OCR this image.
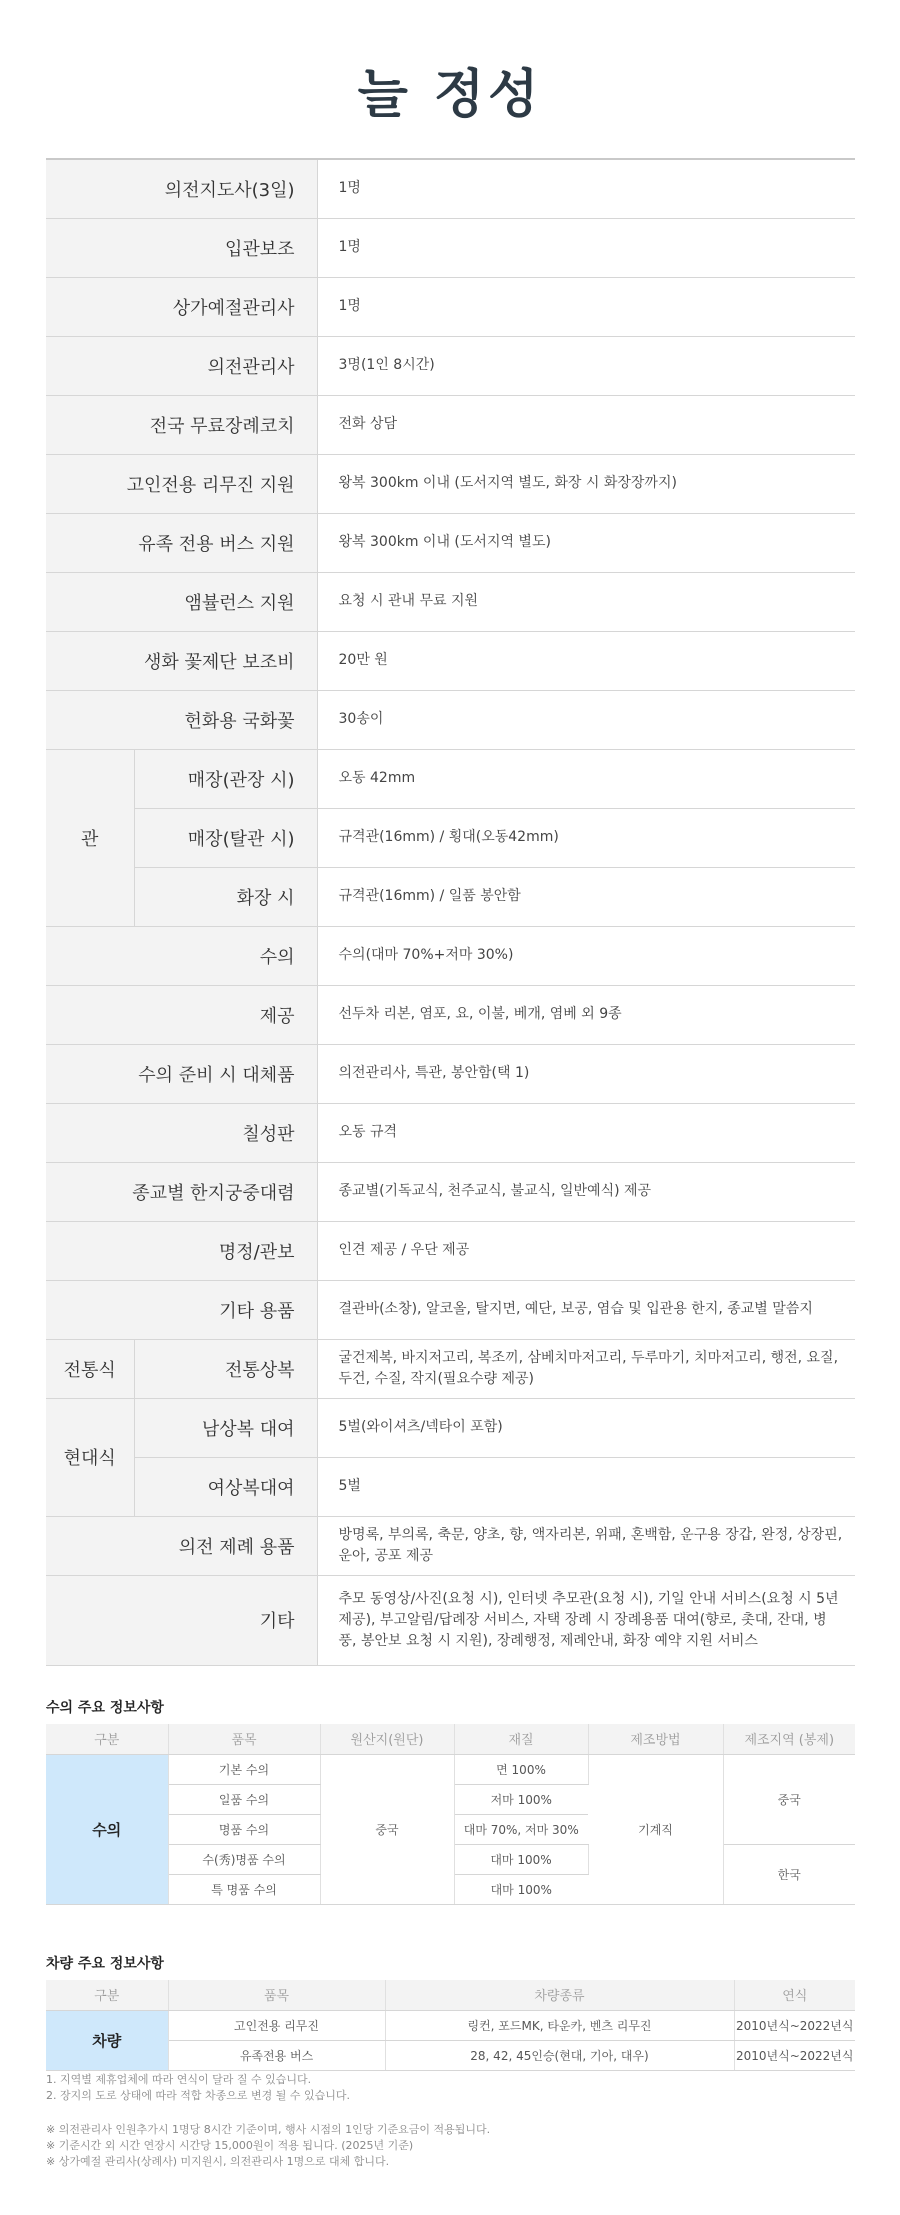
늘 정성
의전지도사(3일)		1명
입관보조		1명
상가예절관리사		1명
의전관리사		3명(1인 8시간)
전국 무료장례코치		전화 상담
고인전용 리무진 지원		왕복 300km 이내 (도서지역 별도, 화장 시 화장장까지)
유족 전용 버스 지원		왕복 300km 이내 (도서지역 별도)
앰뷸런스 지원		요청 시 관내 무료 지원
생화 꽃제단 보조비		20만 원
헌화용 국화꽃		30송이
관	매장(관장 시)	오동 42mm
	매장(탈관 시)	규격관(16mm) / 횡대(오동42mm)
	화장 시	규격관(16mm) / 일품 봉안함
수의		수의(대마 70%+저마 30%)
제공		선두차 리본, 염포, 요, 이불, 베개, 염베 외 9종
수의 준비 시 대체품		의전관리사, 특관, 봉안함(택 1)
칠성판		오동 규격
종교별 한지궁중대렴		종교별(기독교식, 천주교식, 불교식, 일반예식) 제공
명정/관보		인견 제공 / 우단 제공
기타 용품		결관바(소창), 알코올, 탈지면, 예단, 보공, 염습 및 입관용 한지, 종교별 말씀지
전통식	전통상복	굴건제복, 바지저고리, 복조끼, 삼베치마저고리, 두루마기, 치마저고리, 행전, 요질, 두건, 수질, 작지(필요수량 제공)
현대식	남상복 대여	5벌(와이셔츠/넥타이 포함)
	여상복대여	5벌
의전 제례 용품		방명록, 부의록, 축문, 양초, 향, 액자리본, 위패, 혼백함, 운구용 장갑, 완정, 상장핀, 운아, 공포 제공
기타		추모 동영상/사진(요청 시), 인터넷 추모관(요청 시), 기일 안내 서비스(요청 시 5년 제공), 부고알림/답례장 서비스, 자택 장례 시 장례용품 대여(향로, 촛대, 잔대, 병풍, 봉안보 요청 시 지원), 장례행정, 제례안내, 화장 예약 지원 서비스
수의 주요 정보사항
구분	품목	원산지(원단)	재질	제조방법	제조지역 (봉제)
수의	기본 수의	중국	면 100%	기계직	중국
	일품 수의		저마 100%		
	명품 수의		대마 70%, 저마 30%		
	수(秀)명품 수의		대마 100%		한국
	특 명품 수의		대마 100%		
차량 주요 정보사항
구분	품목	차량종류	연식
차량	고인전용 리무진	링컨, 포드MK, 타운카, 벤츠 리무진	2010년식~2022년식
	유족전용 버스	28, 42, 45인승(현대, 기아, 대우)	2010년식~2022년식
1. 지역별 제휴업체에 따라 연식이 달라 질 수 있습니다.
2. 장지의 도로 상태에 따라 적합 차종으로 변경 될 수 있습니다.
※ 의전관리사 인원추가시 1명당 8시간 기준이며, 행사 시점의 1인당 기준요금이 적용됩니다.
※ 기준시간 외 시간 연장시 시간당 15,000원이 적용 됩니다. (2025년 기준)
※ 상가예절 관리사(상례사) 미지원시, 의전관리사 1명으로 대체 합니다.
